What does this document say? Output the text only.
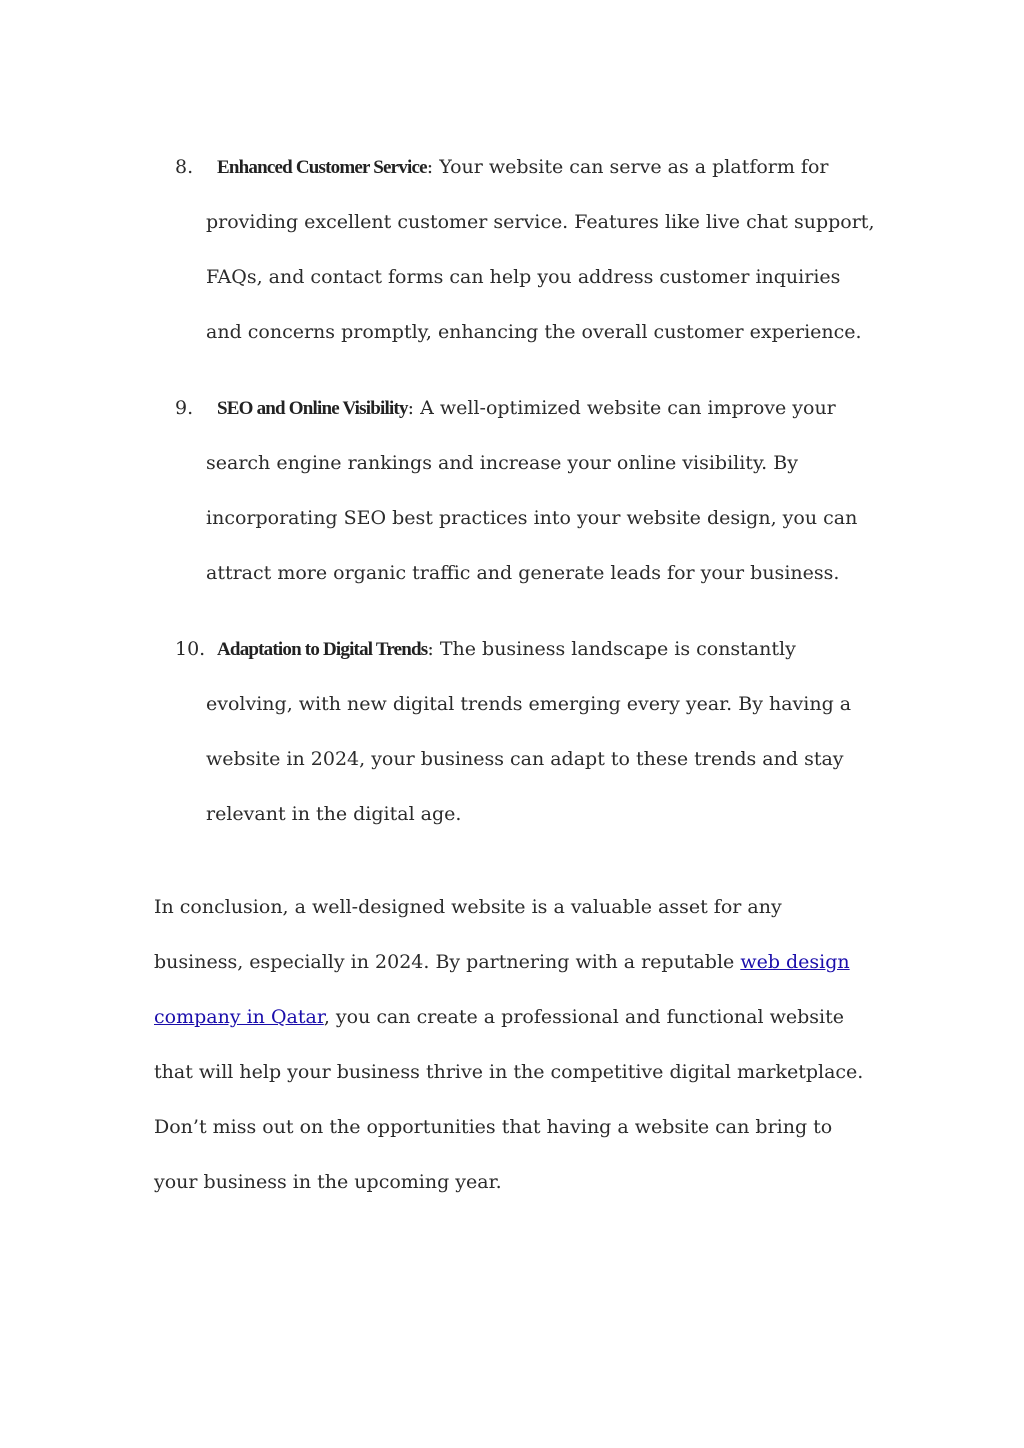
8.	Enhanced Customer Service: Your website can serve as a platform for providing excellent customer service. Features like live chat support, FAQs, and contact forms can help you address customer inquiries and concerns promptly, enhancing the overall customer experience.
9.	SEO and Online Visibility: A well-optimized website can improve your search engine rankings and increase your online visibility. By incorporating SEO best practices into your website design, you can attract more organic traffic and generate leads for your business.
10. Adaptation to Digital Trends: The business landscape is constantly evolving, with new digital trends emerging every year. By having a website in 2024, your business can adapt to these trends and stay relevant in the digital age.

In conclusion, a well-designed website is a valuable asset for any business, especially in 2024. By partnering with a reputable web design company in Qatar, you can create a professional and functional website that will help your business thrive in the competitive digital marketplace. Don’t miss out on the opportunities that having a website can bring to your business in the upcoming year.
